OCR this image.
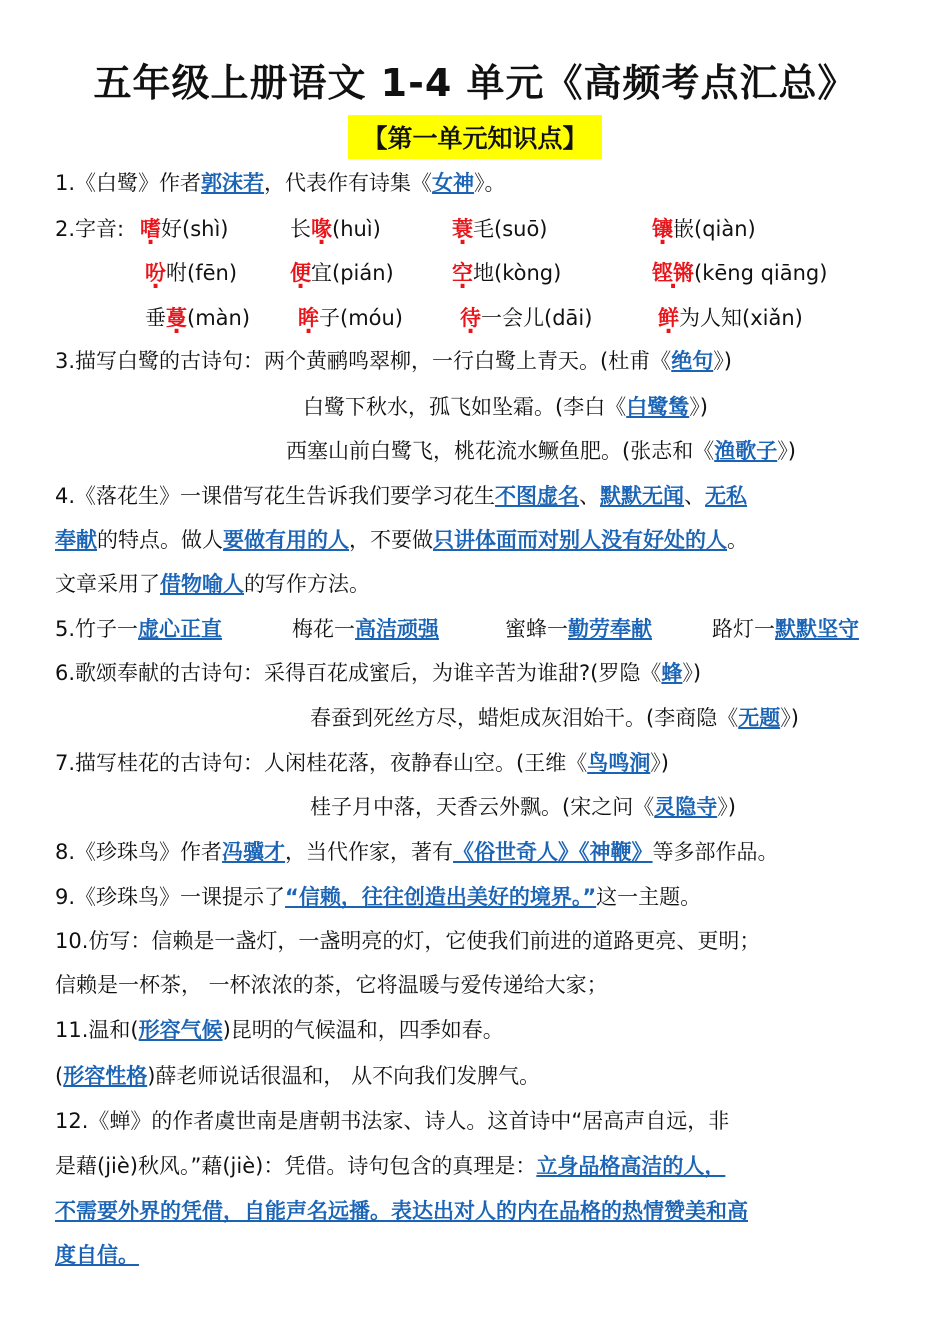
五年级上册语文 1-4 单元《高频考点汇总》
【第一单元知识点】
1.《白鹭》作者郭沫若，代表作有诗集《女神》。
2.字音: 嗜好(shì)	长喙(huì)	蓑毛(suō)	镶嵌(qiàn)
吩咐(fēn)	便宜(pián)	空地(kòng)	铿锵(kēng qiāng)
垂蔓(màn) 眸子(móu)	待一会儿(dāi)	鲜为人知(xiǎn)
3.描写白鹭的古诗句：两个黄鹂鸣翠柳，一行白鹭上青天。(杜甫《绝句》)
白鹭下秋水，孤飞如坠霜。(李白《白鹭鸶》)
西塞山前白鹭飞，桃花流水鳜鱼肥。(张志和《渔歌子》)
4.《落花生》一课借写花生告诉我们要学习花生不图虚名、默默无闻、无私
奉献的特点。做人要做有用的人，不要做只讲体面而对别人没有好处的人。
文章采用了借物喻人的写作方法。
5.竹子一虚心正直	梅花一高洁顽强	蜜蜂一勤劳奉献	路灯一默默坚守
6.歌颂奉献的古诗句：采得百花成蜜后，为谁辛苦为谁甜?(罗隐《蜂》)
春蚕到死丝方尽，蜡炬成灰泪始干。(李商隐《无题》)
7.描写桂花的古诗句：人闲桂花落，夜静春山空。(王维《鸟鸣涧》)
桂子月中落，天香云外飘。(宋之问《灵隐寺》)
8.《珍珠鸟》作者冯骥才，当代作家，著有《俗世奇人》《神鞭》等多部作品。
9.《珍珠鸟》一课提示了“信赖，往往创造出美好的境界。”这一主题。
10.仿写：信赖是一盏灯，一盏明亮的灯，它使我们前进的道路更亮、更明；
信赖是一杯茶， 一杯浓浓的茶，它将温暖与爱传递给大家；
11.温和(形容气候)昆明的气候温和，四季如春。
(形容性格)薛老师说话很温和， 从不向我们发脾气。
12.《蝉》的作者虞世南是唐朝书法家、诗人。这首诗中“居高声自远，非
是藉(jiè)秋风。”藉(jiè)：凭借。诗句包含的真理是：立身品格高洁的人，
不需要外界的凭借，自能声名远播。表达出对人的内在品格的热情赞美和高
度自信。
